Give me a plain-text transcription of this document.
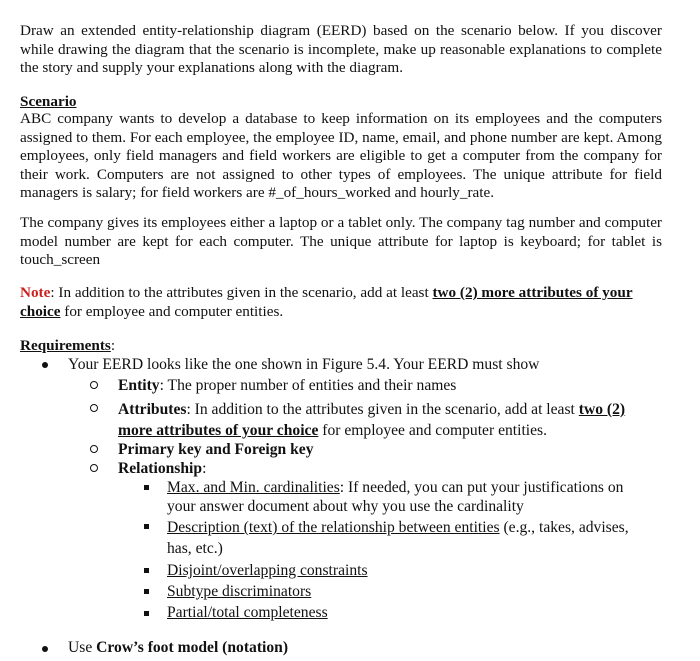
Draw an extended entity-relationship diagram (EERD) based on the scenario below. If you discover while drawing the diagram that the scenario is incomplete, make up reasonable explanations to complete the story and supply your explanations along with the diagram.
Scenario
ABC company wants to develop a database to keep information on its employees and the computers assigned to them. For each employee, the employee ID, name, email, and phone number are kept. Among employees, only field managers and field workers are eligible to get a computer from the company for their work. Computers are not assigned to other types of employees. The unique attribute for field managers is salary; for field workers are #_of_hours_worked and hourly_rate.
The company gives its employees either a laptop or a tablet only. The company tag number and computer model number are kept for each computer. The unique attribute for laptop is keyboard; for tablet is touch_screen
Note: In addition to the attributes given in the scenario, add at least two (2) more attributes of your choice for employee and computer entities.
Requirements:
Your EERD looks like the one shown in Figure 5.4. Your EERD must show
Entity: The proper number of entities and their names
Attributes: In addition to the attributes given in the scenario, add at least two (2) more attributes of your choice for employee and computer entities.
Primary key and Foreign key
Relationship:
Max. and Min. cardinalities: If needed, you can put your justifications on your answer document about why you use the cardinality
Description (text) of the relationship between entities (e.g., takes, advises, has, etc.)
Disjoint/overlapping constraints
Subtype discriminators
Partial/total completeness
Use Crow’s foot model (notation)
